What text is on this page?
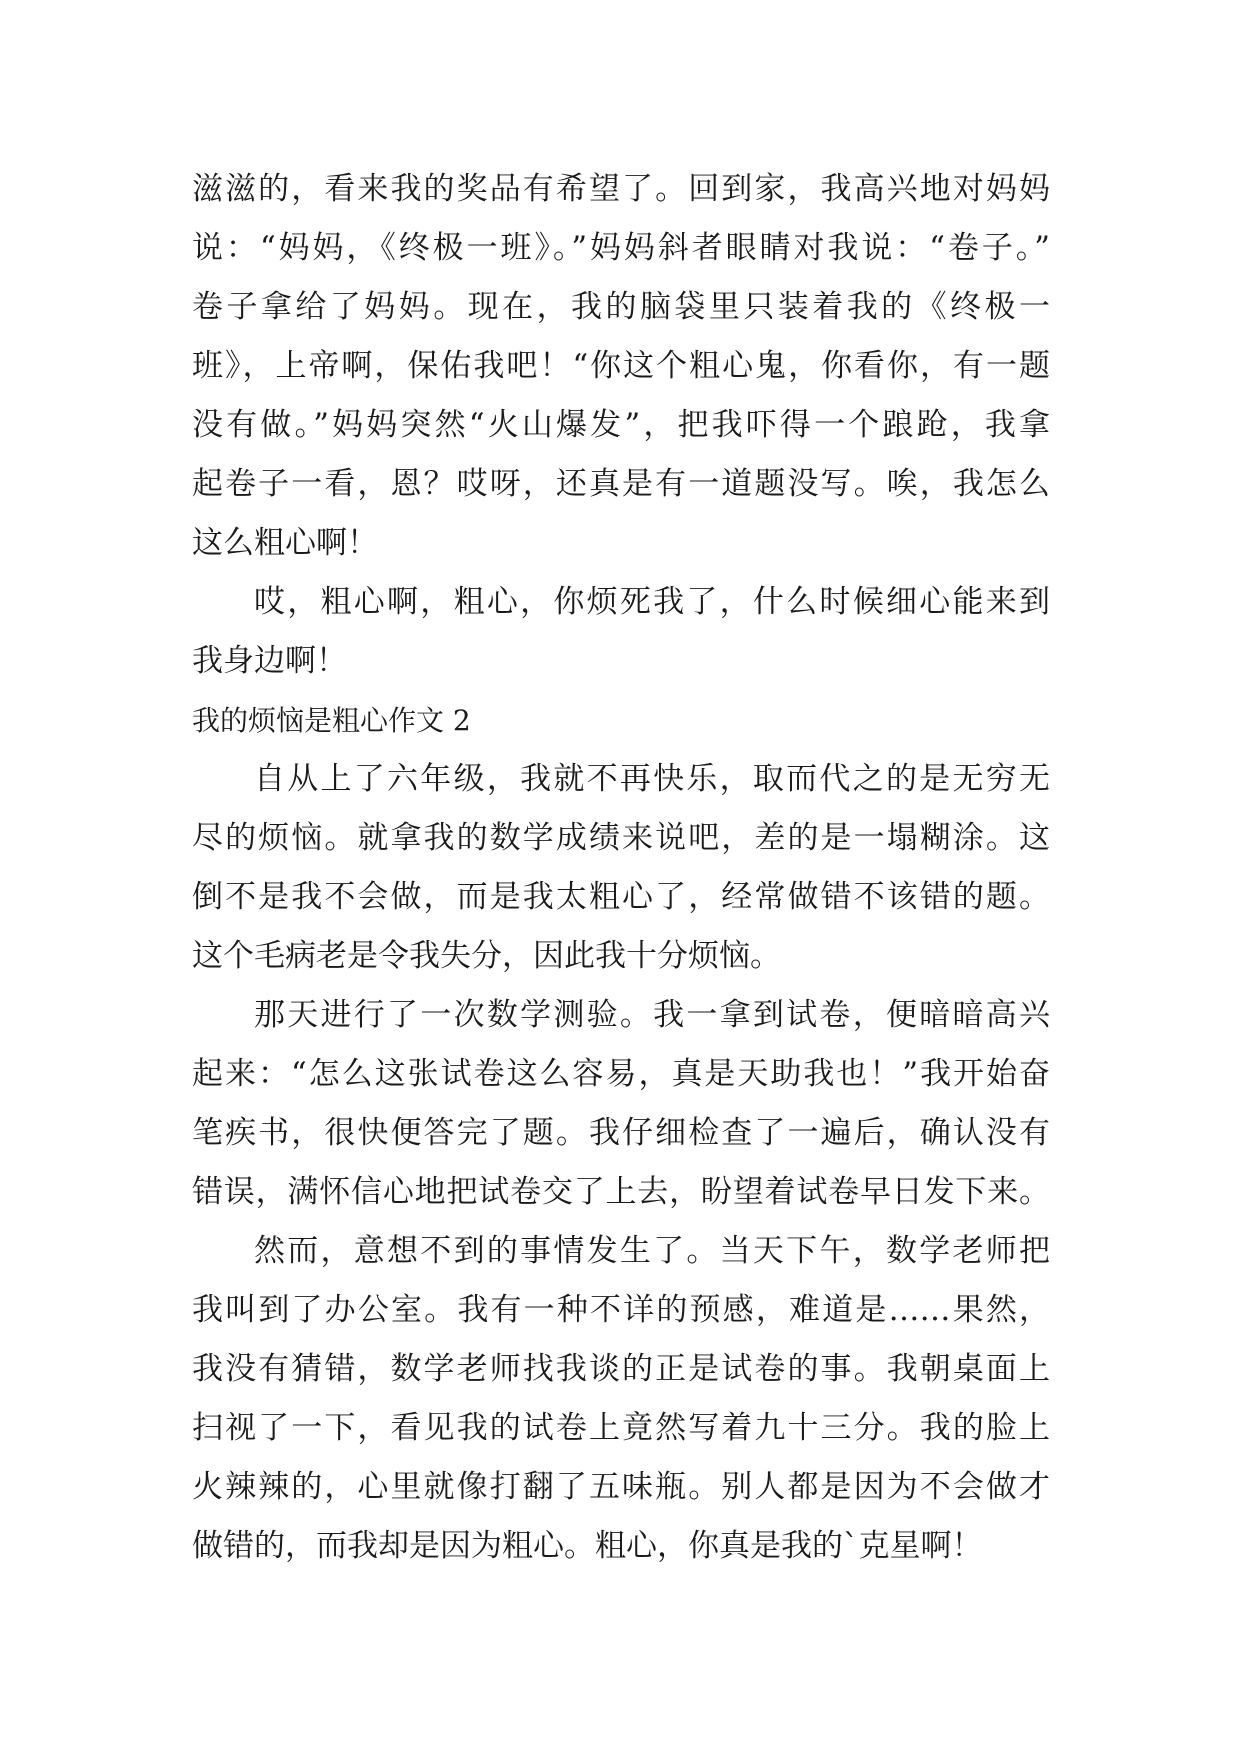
滋滋的，看来我的奖品有希望了。回到家，我高兴地对妈妈
说：“妈妈，《终极一班》。”妈妈斜者眼睛对我说：“卷子。”
卷子拿给了妈妈。现在，我的脑袋里只装着我的《终极一
班》，上帝啊，保佑我吧！“你这个粗心鬼，你看你，有一题
没有做。”妈妈突然“火山爆发”，把我吓得一个踉跄，我拿
起卷子一看，恩？哎呀，还真是有一道题没写。唉，我怎么
这么粗心啊！
哎，粗心啊，粗心，你烦死我了，什么时候细心能来到
我身边啊！
我的烦恼是粗心作文 2
自从上了六年级，我就不再快乐，取而代之的是无穷无
尽的烦恼。就拿我的数学成绩来说吧，差的是一塌糊涂。这
倒不是我不会做，而是我太粗心了，经常做错不该错的题。
这个毛病老是令我失分，因此我十分烦恼。
那天进行了一次数学测验。我一拿到试卷，便暗暗高兴
起来：“怎么这张试卷这么容易，真是天助我也！”我开始奋
笔疾书，很快便答完了题。我仔细检查了一遍后，确认没有
错误，满怀信心地把试卷交了上去，盼望着试卷早日发下来。
然而，意想不到的事情发生了。当天下午，数学老师把
我叫到了办公室。我有一种不详的预感，难道是……果然，
我没有猜错，数学老师找我谈的正是试卷的事。我朝桌面上
扫视了一下，看见我的试卷上竟然写着九十三分。我的脸上
火辣辣的，心里就像打翻了五味瓶。别人都是因为不会做才
做错的，而我却是因为粗心。粗心，你真是我的`克星啊！
